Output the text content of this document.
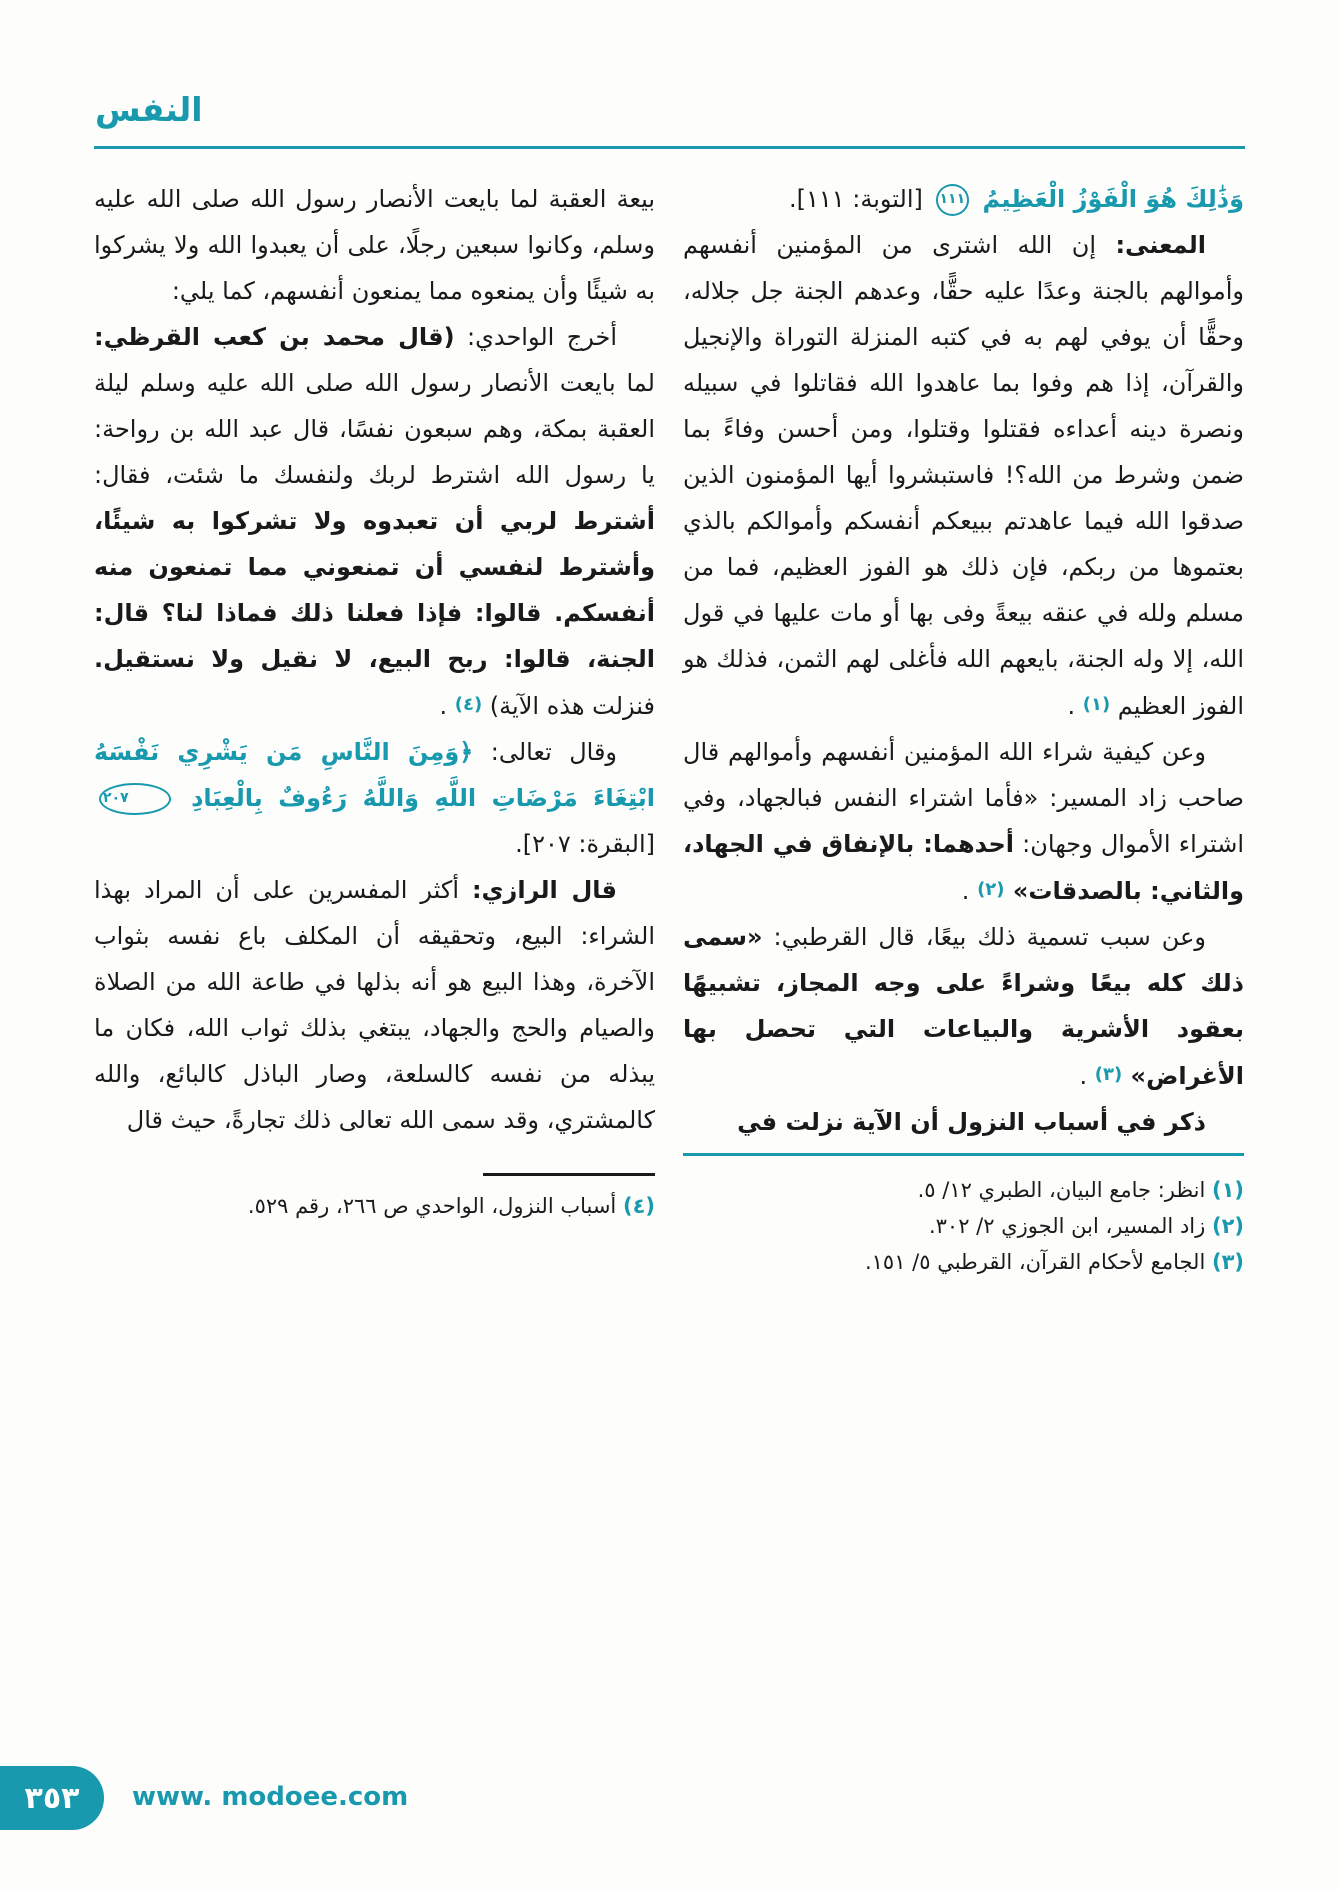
النفس

وَذَٰلِكَ هُوَ الْفَوْزُ الْعَظِيمُ ١١١ [التوبة: ١١١].

المعنى: إن الله اشترى من المؤمنين أنفسهم وأموالهم بالجنة وعدًا عليه حقًّا، وعدهم الجنة جل جلاله، وحقًّا أن يوفي لهم به في كتبه المنزلة التوراة والإنجيل والقرآن، إذا هم وفوا بما عاهدوا الله فقاتلوا في سبيله ونصرة دينه أعداءه فقتلوا وقتلوا، ومن أحسن وفاءً بما ضمن وشرط من الله؟! فاستبشروا أيها المؤمنون الذين صدقوا الله فيما عاهدتم ببيعكم أنفسكم وأموالكم بالذي بعتموها من ربكم، فإن ذلك هو الفوز العظيم، فما من مسلم ولله في عنقه بيعةً وفى بها أو مات عليها في قول الله، إلا وله الجنة، بايعهم الله فأغلى لهم الثمن، فذلك هو الفوز العظيم (١) .

وعن كيفية شراء الله المؤمنين أنفسهم وأموالهم قال صاحب زاد المسير: «فأما اشتراء النفس فبالجهاد، وفي اشتراء الأموال وجهان: أحدهما: بالإنفاق في الجهاد، والثاني: بالصدقات» (٢) .

وعن سبب تسمية ذلك بيعًا، قال القرطبي: «سمى ذلك كله بيعًا وشراءً على وجه المجاز، تشبيهًا بعقود الأشرية والبياعات التي تحصل بها الأغراض» (٣) .

ذكر في أسباب النزول أن الآية نزلت في

(١) انظر: جامع البيان، الطبري ١٢/ ٥.

(٢) زاد المسير، ابن الجوزي ٢/ ٣٠٢.

(٣) الجامع لأحكام القرآن، القرطبي ٥/ ١٥١.

بيعة العقبة لما بايعت الأنصار رسول الله صلى الله عليه وسلم، وكانوا سبعين رجلًا، على أن يعبدوا الله ولا يشركوا به شيئًا وأن يمنعوه مما يمنعون أنفسهم، كما يلي:

أخرج الواحدي: (قال محمد بن كعب القرظي: لما بايعت الأنصار رسول الله صلى الله عليه وسلم ليلة العقبة بمكة، وهم سبعون نفسًا، قال عبد الله بن رواحة: يا رسول الله اشترط لربك ولنفسك ما شئت، فقال: أشترط لربي أن تعبدوه ولا تشركوا به شيئًا، وأشترط لنفسي أن تمنعوني مما تمنعون منه أنفسكم. قالوا: فإذا فعلنا ذلك فماذا لنا؟ قال: الجنة، قالوا: ربح البيع، لا نقيل ولا نستقيل. فنزلت هذه الآية) (٤) .

وقال تعالى: ﴿وَمِنَ النَّاسِ مَن يَشْرِي نَفْسَهُ ابْتِغَاءَ مَرْضَاتِ اللَّهِ وَاللَّهُ رَءُوفٌ بِالْعِبَادِ ٢٠٧ [البقرة: ٢٠٧].

قال الرازي: أكثر المفسرين على أن المراد بهذا الشراء: البيع، وتحقيقه أن المكلف باع نفسه بثواب الآخرة، وهذا البيع هو أنه بذلها في طاعة الله من الصلاة والصيام والحج والجهاد، يبتغي بذلك ثواب الله، فكان ما يبذله من نفسه كالسلعة، وصار الباذل كالبائع، والله كالمشتري، وقد سمى الله تعالى ذلك تجارةً، حيث قال

(٤) أسباب النزول، الواحدي ص ٢٦٦، رقم ٥٢٩.

٣٥٣ www. modoee.com
